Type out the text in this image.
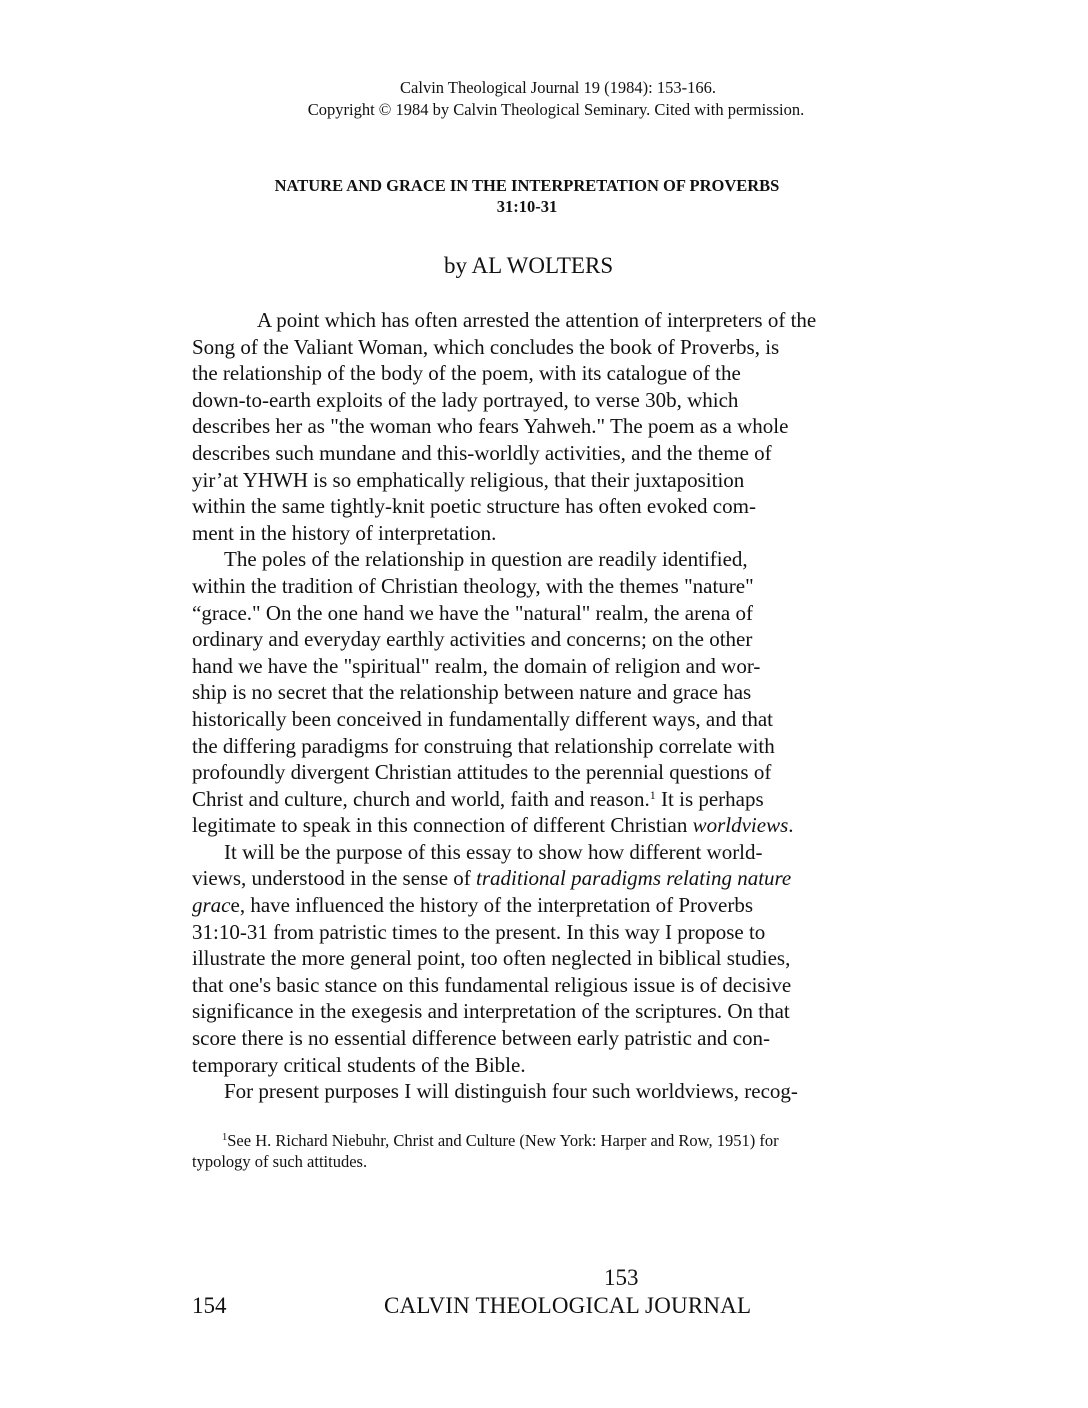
Calvin Theological Journal 19 (1984): 153-166.
Copyright © 1984 by Calvin Theological Seminary. Cited with permission.
NATURE AND GRACE IN THE INTERPRETATION OF PROVERBS
31:10-31
by AL WOLTERS
A point which has often arrested the attention of interpreters of the
Song of the Valiant Woman, which concludes the book of Proverbs, is
the relationship of the body of the poem, with its catalogue of the
down-to-earth exploits of the lady portrayed, to verse 30b, which
describes her as "the woman who fears Yahweh." The poem as a whole
describes such mundane and this-worldly activities, and the theme of
yir’at YHWH is so emphatically religious, that their juxtaposition
within the same tightly-knit poetic structure has often evoked com-
ment in the history of interpretation.
The poles of the relationship in question are readily identified,
within the tradition of Christian theology, with the themes "nature"
“grace." On the one hand we have the "natural" realm, the arena of
ordinary and everyday earthly activities and concerns; on the other
hand we have the "spiritual" realm, the domain of religion and wor-
ship is no secret that the relationship between nature and grace has
historically been conceived in fundamentally different ways, and that
the differing paradigms for construing that relationship correlate with
profoundly divergent Christian attitudes to the perennial questions of
Christ and culture, church and world, faith and reason.$^1$ It is perhaps
legitimate to speak in this connection of different Christian worldviews.
It will be the purpose of this essay to show how different world-
views, understood in the sense of traditional paradigms relating nature
grace, have influenced the history of the interpretation of Proverbs
31:10-31 from patristic times to the present. In this way I propose to
illustrate the more general point, too often neglected in biblical studies,
that one's basic stance on this fundamental religious issue is of decisive
significance in the exegesis and interpretation of the scriptures. On that
score there is no essential difference between early patristic and con-
temporary critical students of the Bible.
For present purposes I will distinguish four such worldviews, recog-
$^1$See H. Richard Niebuhr, Christ and Culture (New York: Harper and Row, 1951) for
typology of such attitudes.
153
154	CALVIN THEOLOGICAL JOURNAL
